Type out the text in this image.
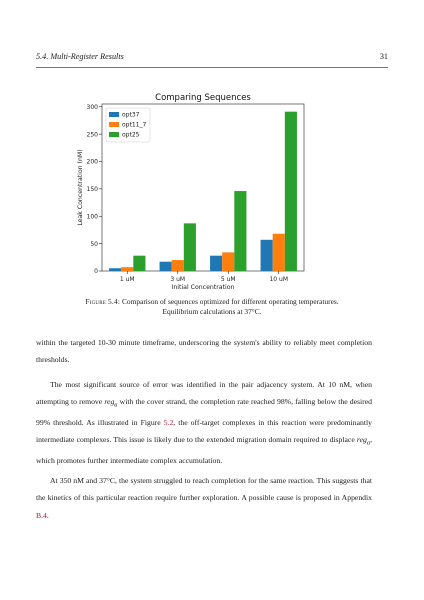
5.4. Multi-Register Results	31
Comparing Sequences
0
50
100
150
200
250
300
Leak Concentration (nM)
1 uM	3 uM	5 uM	10 uM
Initial Concentration
opt37
opt11_7
opt25
Figure 5.4: Comparison of sequences optimized for different operating temperatures. Equilibrium calculations at 37°C.
within the targeted 10-30 minute timeframe, underscoring the system's ability to reliably meet completion thresholds.
The most significant source of error was identified in the pair adjacency system. At 10 nM, when attempting to remove reg$_a$ with the cover strand, the completion rate reached 98%, falling below the desired 99% threshold. As illustrated in Figure 5.2, the off-target complexes in this reaction were predominantly intermediate complexes. This issue is likely due to the extended migration domain required to displace reg$_a$, which promotes further intermediate complex accumulation.
At 350 nM and 37°C, the system struggled to reach completion for the same reaction. This suggests that the kinetics of this particular reaction require further exploration. A possible cause is proposed in Appendix B.4.
